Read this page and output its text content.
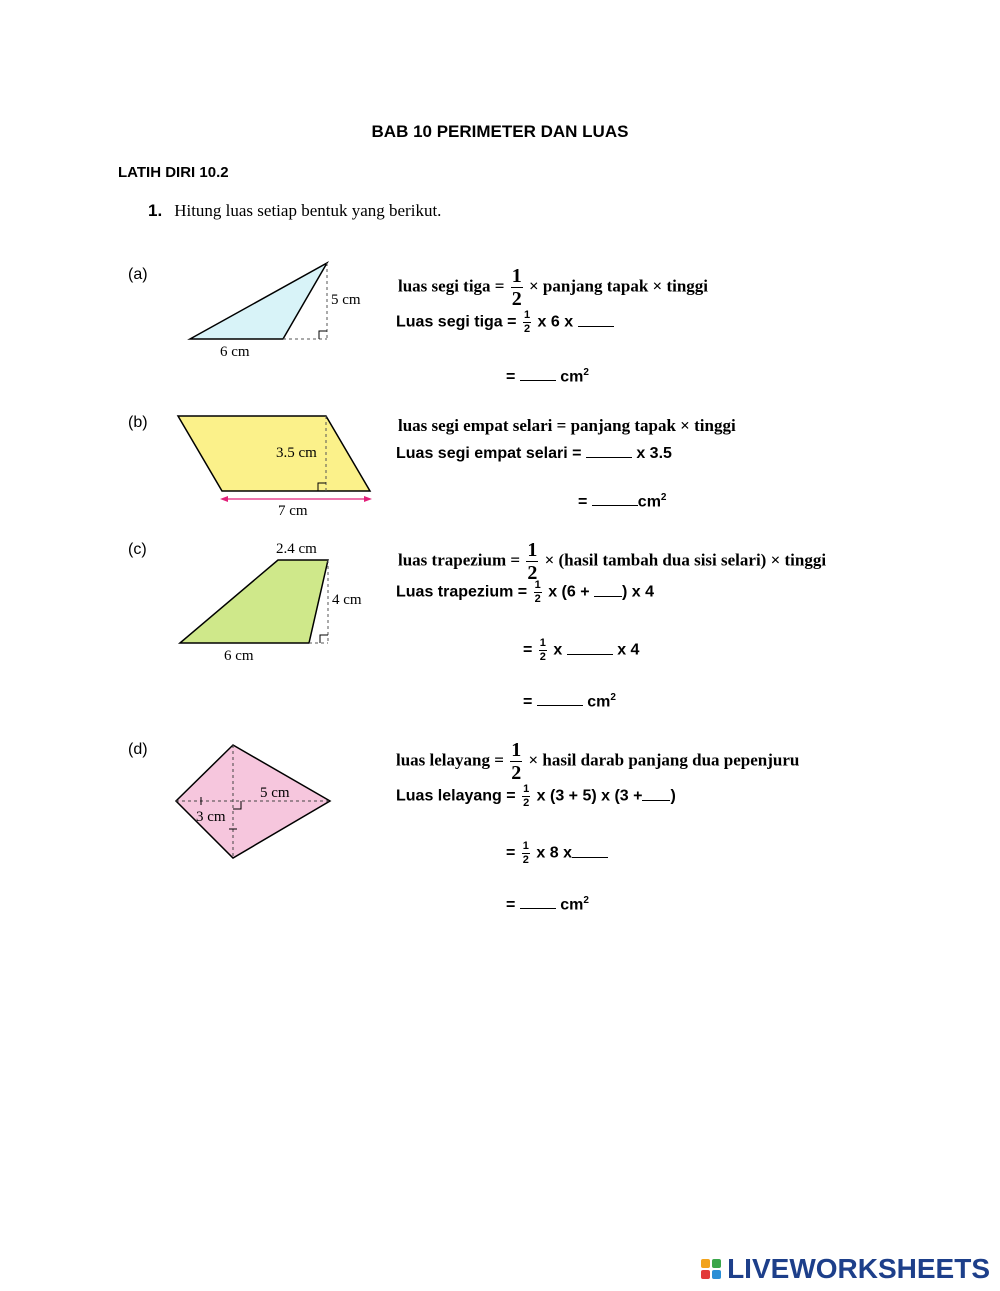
BAB 10 PERIMETER DAN LUAS
LATIH DIRI 10.2
1. Hitung luas setiap bentuk yang berikut.
(a)
5 cm
6 cm
luas segi tiga = $\frac{1}{2}$ × panjang tapak × tinggi
Luas segi tiga = $\frac{1}{2}$ x 6 x
=	$cm^2$
(b)
3.5 cm
7 cm
luas segi empat selari = panjang tapak × tinggi
Luas segi empat selari =	x 3.5
=	$cm^2$
(c)	2.4 cm
4 cm
6 cm
luas trapezium = $\frac{1}{2}$ × (hasil tambah dua sisi selari) × tinggi
Luas trapezium = $\frac{1}{2}$ x (6 + ) x 4
= $\frac{1}{2}$ x	x 4
=	$cm^2$
(d)
5 cm
3 cm
luas lelayang = $\frac{1}{2}$ × hasil darab panjang dua pepenjuru
Luas lelayang = $\frac{1}{2}$ x (3 + 5) x (3 + )
= $\frac{1}{2}$ x 8 x
=	$cm^2$
LIVEWORKSHEETS
